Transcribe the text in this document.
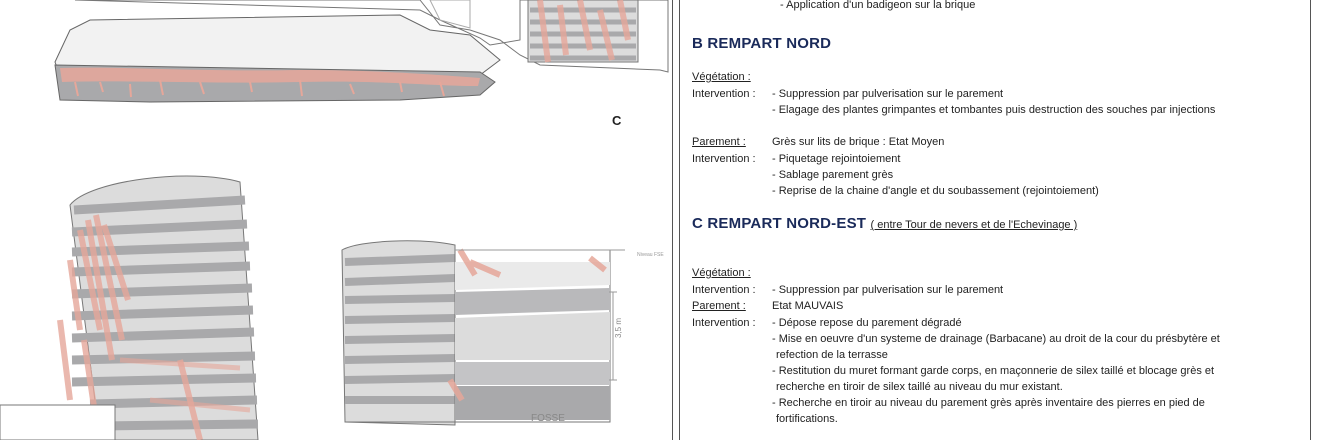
C
Niveau FSE
3,5 m
FOSSE
- Application d'un badigeon sur la brique
B REMPART NORD
Végétation :
Intervention : - Suppression par pulverisation sur le parement
- Elagage des plantes grimpantes et tombantes puis destruction des souches par injections
Parement : Grès sur lits de brique : Etat Moyen
Intervention : - Piquetage rejointoiement
- Sablage parement grès
- Reprise de la chaine d'angle et du soubassement (rejointoiement)
C REMPART NORD-EST ( entre Tour de nevers et de l'Echevinage )
Végétation :
Intervention : - Suppression par pulverisation sur le parement
Parement : Etat MAUVAIS
Intervention : - Dépose repose du parement dégradé
- Mise en oeuvre d'un systeme de drainage (Barbacane) au droit de la cour du présbytère et
refection de la terrasse
- Restitution du muret formant garde corps, en maçonnerie de silex taillé et blocage grès et
recherche en tiroir de silex taillé au niveau du mur existant.
- Recherche en tiroir au niveau du parement grès après inventaire des pierres en pied de
fortifications.
